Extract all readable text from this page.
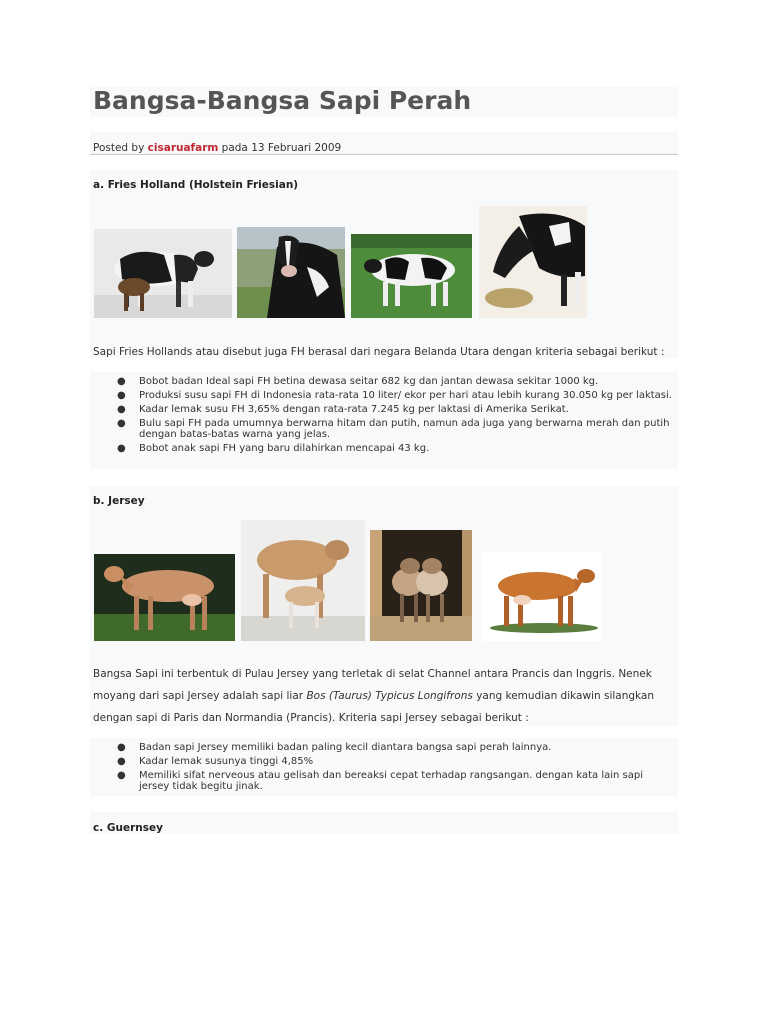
Bangsa-Bangsa Sapi Perah
Posted by cisaruafarm pada 13 Februari 2009
a. Fries Holland (Holstein Friesian)

Sapi Fries Hollands atau disebut juga FH berasal dari negara Belanda Utara dengan kriteria sebagai berikut :

● Bobot badan Ideal sapi FH betina dewasa seitar 682 kg dan jantan dewasa sekitar 1000 kg.
● Produksi susu sapi FH di Indonesia rata-rata 10 liter/ ekor per hari atau lebih kurang 30.050 kg per laktasi.
● Kadar lemak susu FH 3,65% dengan rata-rata 7.245 kg per laktasi di Amerika Serikat.
● Bulu sapi FH pada umumnya berwarna hitam dan putih, namun ada juga yang berwarna merah dan putih dengan batas-batas warna yang jelas.
● Bobot anak sapi FH yang baru dilahirkan mencapai 43 kg.
b. Jersey
Bangsa Sapi ini terbentuk di Pulau Jersey yang terletak di selat Channel antara Prancis dan Inggris. Nenek
moyang dari sapi Jersey adalah sapi liar Bos (Taurus) Typicus Longifrons yang kemudian dikawin silangkan
dengan sapi di Paris dan Normandia (Prancis). Kriteria sapi Jersey sebagai berikut :
● Badan sapi Jersey memiliki badan paling kecil diantara bangsa sapi perah lainnya.
● Kadar lemak susunya tinggi 4,85%
● Memiliki sifat nerveous atau gelisah dan bereaksi cepat terhadap rangsangan. dengan kata lain sapi jersey tidak begitu jinak.
c. Guernsey
